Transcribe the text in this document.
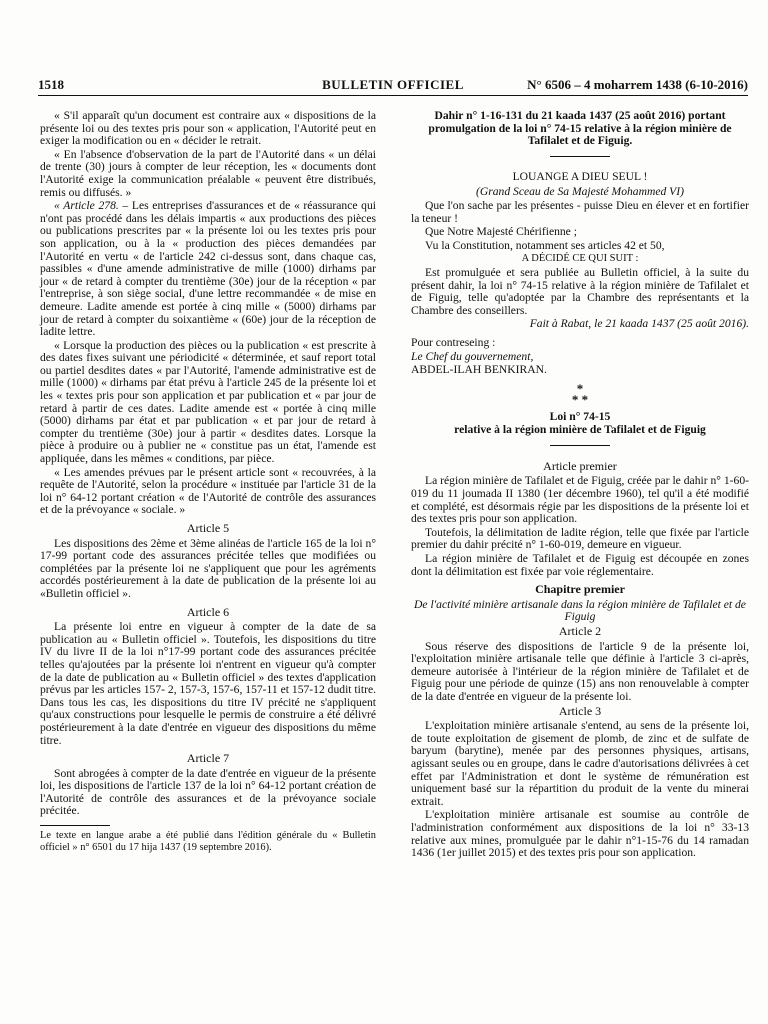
1518	BULLETIN OFFICIEL	N° 6506 – 4 moharrem 1438 (6-10-2016)

« S'il apparaît qu'un document est contraire aux « dispositions de la présente loi ou des textes pris pour son « application, l'Autorité peut en exiger la modification ou en « décider le retrait.

« En l'absence d'observation de la part de l'Autorité dans « un délai de trente (30) jours à compter de leur réception, les « documents dont l'Autorité exige la communication préalable « peuvent être distribués, remis ou diffusés. »

« Article 278. – Les entreprises d'assurances et de « réassurance qui n'ont pas procédé dans les délais impartis « aux productions des pièces ou publications prescrites par « la présente loi ou les textes pris pour son application, ou à la « production des pièces demandées par l'Autorité en vertu « de l'article 242 ci-dessus sont, dans chaque cas, passibles « d'une amende administrative de mille (1000) dirhams par jour « de retard à compter du trentième (30e) jour de la réception « par l'entreprise, à son siège social, d'une lettre recommandée « de mise en demeure. Ladite amende est portée à cinq mille « (5000) dirhams par jour de retard à compter du soixantième « (60e) jour de la réception de ladite lettre.

« Lorsque la production des pièces ou la publication « est prescrite à des dates fixes suivant une périodicité « déterminée, et sauf report total ou partiel desdites dates « par l'Autorité, l'amende administrative est de mille (1000) « dirhams par état prévu à l'article 245 de la présente loi et les « textes pris pour son application et par publication et « par jour de retard à partir de ces dates. Ladite amende est « portée à cinq mille (5000) dirhams par état et par publication « et par jour de retard à compter du trentième (30e) jour à partir « desdites dates. Lorsque la pièce à produire ou à publier ne « constitue pas un état, l'amende est appliquée, dans les mêmes « conditions, par pièce.

« Les amendes prévues par le présent article sont « recouvrées, à la requête de l'Autorité, selon la procédure « instituée par l'article 31 de la loi n° 64-12 portant création « de l'Autorité de contrôle des assurances et de la prévoyance « sociale. »

Article 5

Les dispositions des 2ème et 3ème alinéas de l'article 165 de la loi n° 17-99 portant code des assurances précitée telles que modifiées ou complétées par la présente loi ne s'appliquent que pour les agréments accordés postérieurement à la date de publication de la présente loi au «Bulletin officiel ».

Article 6

La présente loi entre en vigueur à compter de la date de sa publication au « Bulletin officiel ». Toutefois, les dispositions du titre IV du livre II de la loi n°17-99 portant code des assurances précitée telles qu'ajoutées par la présente loi n'entrent en vigueur qu'à compter de la date de publication au « Bulletin officiel » des textes d'application prévus par les articles 157- 2, 157-3, 157-6, 157-11 et 157-12 dudit titre. Dans tous les cas, les dispositions du titre IV précité ne s'appliquent qu'aux constructions pour lesquelle le permis de construire a été délivré postérieurement à la date d'entrée en vigueur des dispositions du même titre.

Article 7

Sont abrogées à compter de la date d'entrée en vigueur de la présente loi, les dispositions de l'article 137 de la loi n° 64-12 portant création de l'Autorité de contrôle des assurances et de la prévoyance sociale précitée.

Le texte en langue arabe a été publié dans l'édition générale du « Bulletin officiel » n° 6501 du 17 hija 1437 (19 septembre 2016).

Dahir n° 1-16-131 du 21 kaada 1437 (25 août 2016) portant promulgation de la loi n° 74-15 relative à la région minière de Tafilalet et de Figuig.

LOUANGE A DIEU SEUL !

(Grand Sceau de Sa Majesté Mohammed VI)

Que l'on sache par les présentes - puisse Dieu en élever et en fortifier la teneur !

Que Notre Majesté Chérifienne ;

Vu la Constitution, notamment ses articles 42 et 50,

A DÉCIDÉ CE QUI SUIT :

Est promulguée et sera publiée au Bulletin officiel, à la suite du présent dahir, la loi n° 74-15 relative à la région minière de Tafilalet et de Figuig, telle qu'adoptée par la Chambre des représentants et la Chambre des conseillers.

Fait à Rabat, le 21 kaada 1437 (25 août 2016).

Pour contreseing :

Le Chef du gouvernement,

ABDEL-ILAH BENKIRAN.

*
* *

Loi n° 74-15

relative à la région minière de Tafilalet et de Figuig

Article premier

La région minière de Tafilalet et de Figuig, créée par le dahir n° 1-60-019 du 11 joumada II 1380 (1er décembre 1960), tel qu'il a été modifié et complété, est désormais régie par les dispositions de la présente loi et des textes pris pour son application.

Toutefois, la délimitation de ladite région, telle que fixée par l'article premier du dahir précité n° 1-60-019, demeure en vigueur.

La région minière de Tafilalet et de Figuig est découpée en zones dont la délimitation est fixée par voie réglementaire.

Chapitre premier

De l'activité minière artisanale dans la région minière de Tafilalet et de Figuig

Article 2

Sous réserve des dispositions de l'article 9 de la présente loi, l'exploitation minière artisanale telle que définie à l'article 3 ci-après, demeure autorisée à l'intérieur de la région minière de Tafilalet et de Figuig pour une période de quinze (15) ans non renouvelable à compter de la date d'entrée en vigueur de la présente loi.

Article 3

L'exploitation minière artisanale s'entend, au sens de la présente loi, de toute exploitation de gisement de plomb, de zinc et de sulfate de baryum (barytine), menée par des personnes physiques, artisans, agissant seules ou en groupe, dans le cadre d'autorisations délivrées à cet effet par l'Administration et dont le système de rémunération est uniquement basé sur la répartition du produit de la vente du minerai extrait.

L'exploitation minière artisanale est soumise au contrôle de l'administration conformément aux dispositions de la loi n° 33-13 relative aux mines, promulguée par le dahir n°1-15-76 du 14 ramadan 1436 (1er juillet 2015) et des textes pris pour son application.
